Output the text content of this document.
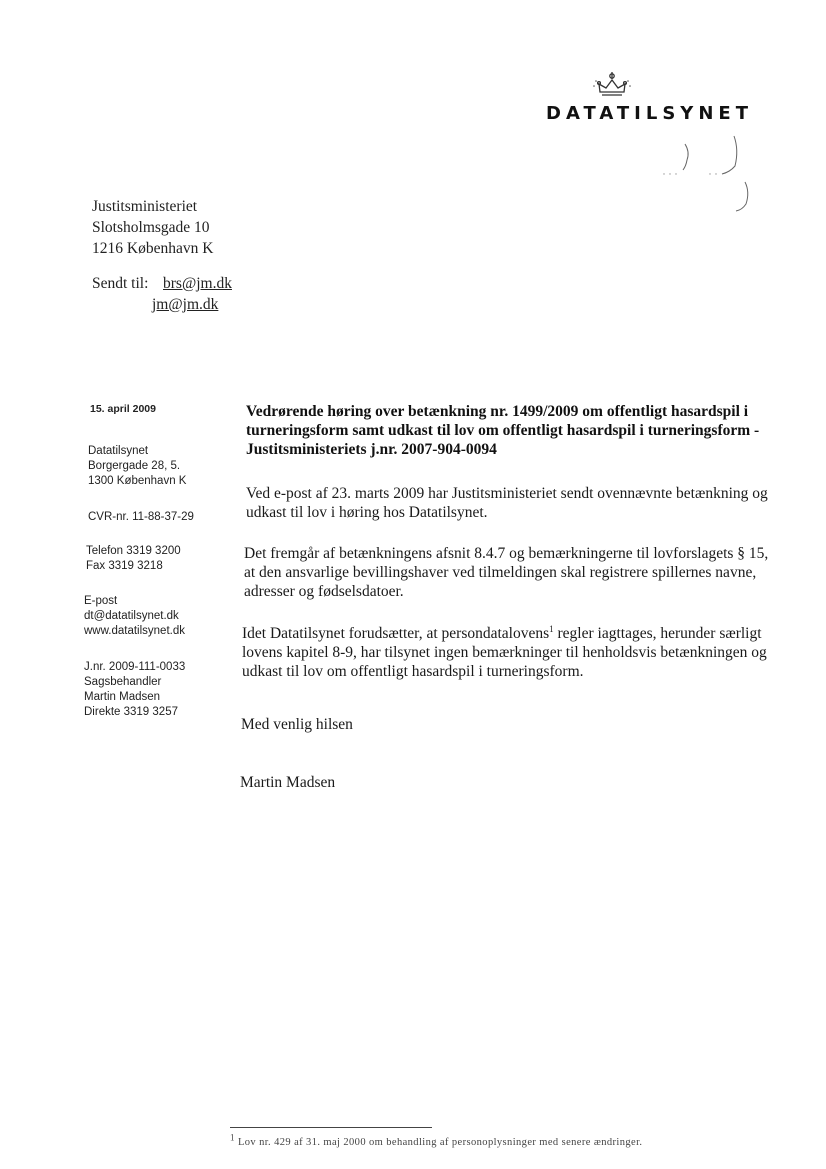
DATATILSYNET
Justitsministeriet
Slotsholmsgade 10
1216 København K
Sendt til: brs@jm.dk
jm@jm.dk
15. april 2009
Datatilsynet
Borgergade 28, 5.
1300 København K
CVR-nr. 11-88-37-29
Telefon 3319 3200
Fax 3319 3218
E-post
dt@datatilsynet.dk
www.datatilsynet.dk
J.nr. 2009-111-0033
Sagsbehandler
Martin Madsen
Direkte 3319 3257
Vedrørende høring over betænkning nr. 1499/2009 om offentligt hasardspil i turneringsform samt udkast til lov om offentligt hasardspil i turneringsform - Justitsministeriets j.nr. 2007-904-0094
Ved e-post af 23. marts 2009 har Justitsministeriet sendt ovennævnte betænkning og udkast til lov i høring hos Datatilsynet.
Det fremgår af betænkningens afsnit 8.4.7 og bemærkningerne til lovforslagets § 15, at den ansvarlige bevillingshaver ved tilmeldingen skal registrere spillernes navne, adresser og fødselsdatoer.
Idet Datatilsynet forudsætter, at persondatalovens$^1$ regler iagttages, herunder særligt lovens kapitel 8-9, har tilsynet ingen bemærkninger til henholdsvis betænkningen og udkast til lov om offentligt hasardspil i turneringsform.
Med venlig hilsen
Martin Madsen
$^1$ Lov nr. 429 af 31. maj 2000 om behandling af personoplysninger med senere ændringer.
